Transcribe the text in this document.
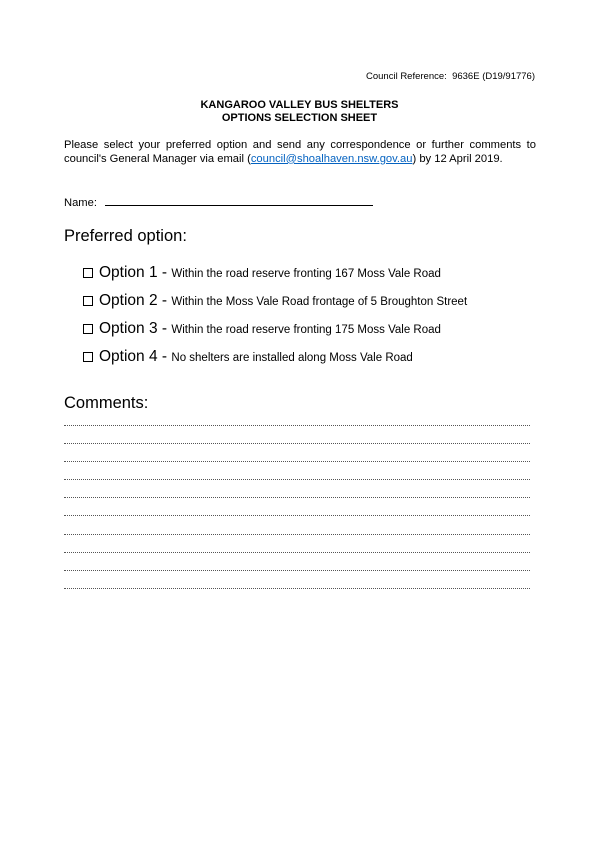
Council Reference: 9636E (D19/91776)
KANGAROO VALLEY BUS SHELTERS
OPTIONS SELECTION SHEET
Please select your preferred option and send any correspondence or further comments to council's General Manager via email (council@shoalhaven.nsw.gov.au) by 12 April 2019.
Name:
Preferred option:
Option 1 - Within the road reserve fronting 167 Moss Vale Road
Option 2 - Within the Moss Vale Road frontage of 5 Broughton Street
Option 3 - Within the road reserve fronting 175 Moss Vale Road
Option 4 - No shelters are installed along Moss Vale Road
Comments:
